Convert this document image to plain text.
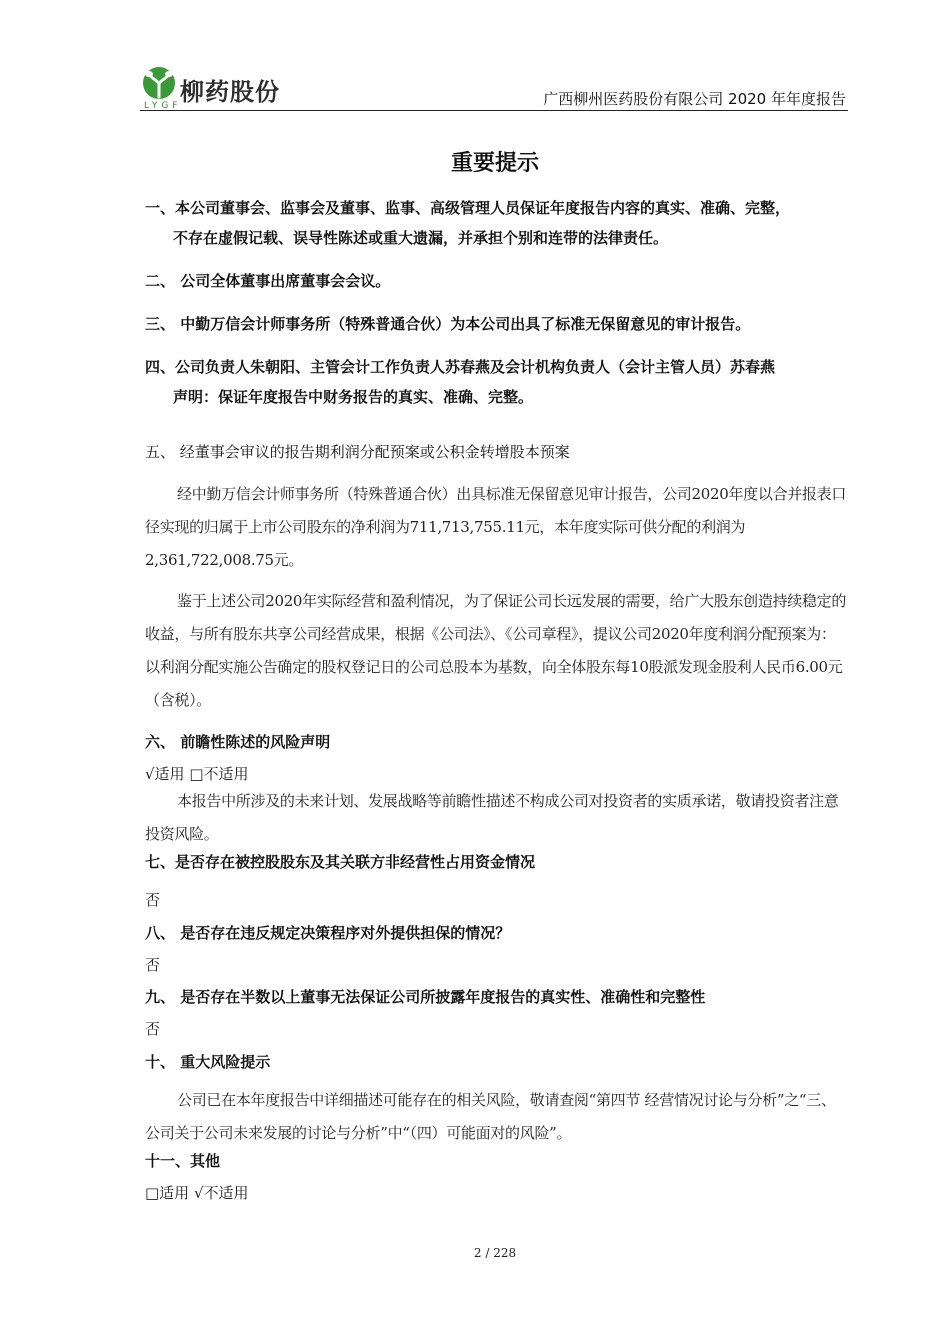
柳药股份
LYGF	广西柳州医药股份有限公司 2020 年年度报告
重要提示
一、本公司董事会、监事会及董事、监事、高级管理人员保证年度报告内容的真实、准确、完整，
不存在虚假记载、误导性陈述或重大遗漏，并承担个别和连带的法律责任。
二、 公司全体董事出席董事会会议。
三、 中勤万信会计师事务所（特殊普通合伙）为本公司出具了标准无保留意见的审计报告。
四、公司负责人朱朝阳、主管会计工作负责人苏春燕及会计机构负责人（会计主管人员）苏春燕
声明：保证年度报告中财务报告的真实、准确、完整。
五、 经董事会审议的报告期利润分配预案或公积金转增股本预案

经中勤万信会计师事务所（特殊普通合伙）出具标准无保留意见审计报告，公司2020年度以合并报表口径实现的归属于上市公司股东的净利润为711,713,755.11元，本年度实际可供分配的利润为2,361,722,008.75元。

鉴于上述公司2020年实际经营和盈利情况，为了保证公司长远发展的需要，给广大股东创造持续稳定的收益，与所有股东共享公司经营成果，根据《公司法》、《公司章程》，提议公司2020年度利润分配预案为：以利润分配实施公告确定的股权登记日的公司总股本为基数，向全体股东每10股派发现金股利人民币6.00元（含税）。

六、 前瞻性陈述的风险声明
√适用 □不适用

本报告中所涉及的未来计划、发展战略等前瞻性描述不构成公司对投资者的实质承诺，敬请投资者注意投资风险。

七、是否存在被控股股东及其关联方非经营性占用资金情况
否
八、 是否存在违反规定决策程序对外提供担保的情况？
否
九、 是否存在半数以上董事无法保证公司所披露年度报告的真实性、准确性和完整性
否
十、 重大风险提示

公司已在本年度报告中详细描述可能存在的相关风险，敬请查阅“第四节 经营情况讨论与分析”之“三、公司关于公司未来发展的讨论与分析”中“（四）可能面对的风险”。

十一、其他
□适用 √不适用
2 / 228
